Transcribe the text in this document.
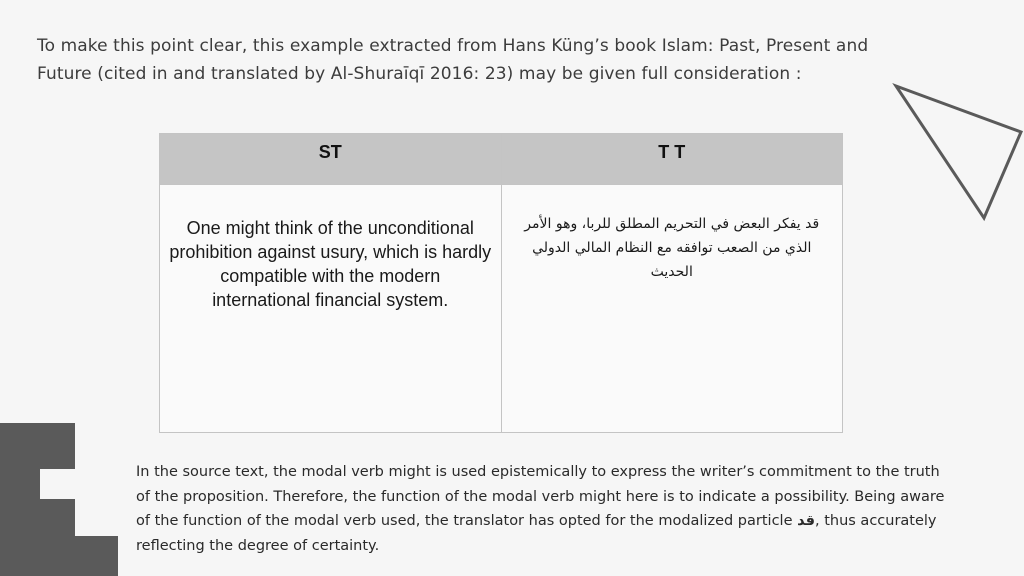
To make this point clear, this example extracted from Hans Küng’s book Islam: Past, Present and Future (cited in and translated by Al-Shuraīqī 2016: 23) may be given full consideration :

ST	T T

One might think of the unconditional prohibition against usury, which is hardly compatible with the modern international financial system.	قد يفكر البعض في التحريم المطلق للربا، وهو الأمر الذي من الصعب توافقه مع النظام المالي الدولي الحديث

In the source text, the modal verb might is used epistemically to express the writer’s commitment to the truth of the proposition. Therefore, the function of the modal verb might here is to indicate a possibility. Being aware of the function of the modal verb used, the translator has opted for the modalized particle قد, thus accurately reflecting the degree of certainty.
